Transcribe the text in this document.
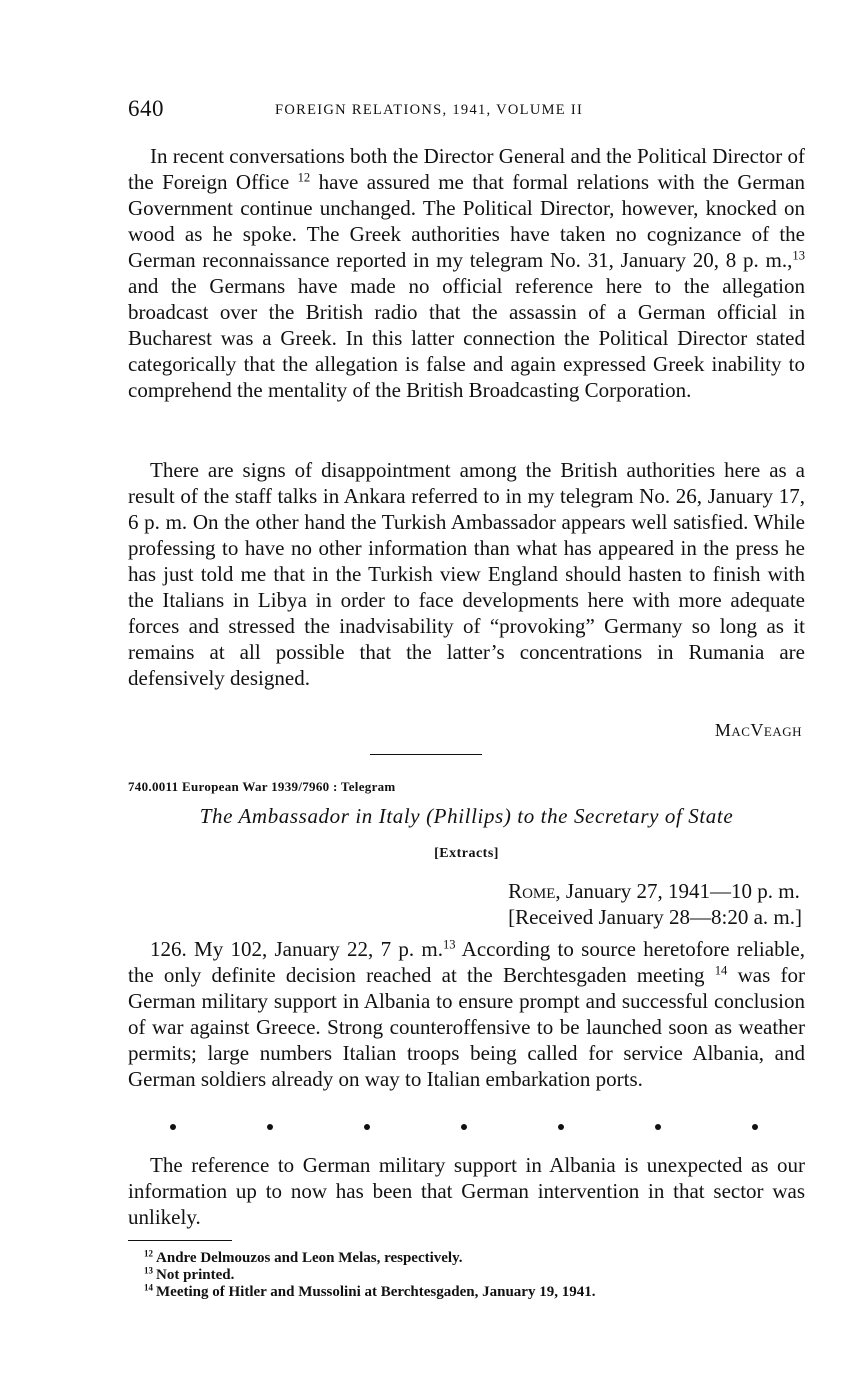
640	FOREIGN RELATIONS, 1941, VOLUME II

In recent conversations both the Director General and the Political Director of the Foreign Office $^{12}$ have assured me that formal relations with the German Government continue unchanged. The Political Director, however, knocked on wood as he spoke. The Greek authorities have taken no cognizance of the German reconnaissance reported in my telegram No. 31, January 20, 8 p. m.,$^{13}$ and the Germans have made no official reference here to the allegation broadcast over the British radio that the assassin of a German official in Bucharest was a Greek. In this latter connection the Political Director stated categorically that the allegation is false and again expressed Greek inability to comprehend the mentality of the British Broadcasting Corporation.

There are signs of disappointment among the British authorities here as a result of the staff talks in Ankara referred to in my telegram No. 26, January 17, 6 p. m. On the other hand the Turkish Ambassador appears well satisfied. While professing to have no other information than what has appeared in the press he has just told me that in the Turkish view England should hasten to finish with the Italians in Libya in order to face developments here with more adequate forces and stressed the inadvisability of “provoking” Germany so long as it remains at all possible that the latter’s concentrations in Rumania are defensively designed.

MacVeagh
740.0011 European War 1939/7960 : Telegram
The Ambassador in Italy (Phillips) to the Secretary of State
[Extracts]
Rome, January 27, 1941—10 p. m.
[Received January 28—8:20 a. m.]

126. My 102, January 22, 7 p. m.$^{13}$ According to source heretofore reliable, the only definite decision reached at the Berchtesgaden meeting $^{14}$ was for German military support in Albania to ensure prompt and successful conclusion of war against Greece. Strong counteroffensive to be launched soon as weather permits; large numbers Italian troops being called for service Albania, and German soldiers already on way to Italian embarkation ports.

The reference to German military support in Albania is unexpected as our information up to now has been that German intervention in that sector was unlikely.

$^{12}$  Andre Delmouzos and Leon Melas, respectively.
$^{13}$  Not printed.
$^{14}$  Meeting of Hitler and Mussolini at Berchtesgaden, January 19, 1941.
